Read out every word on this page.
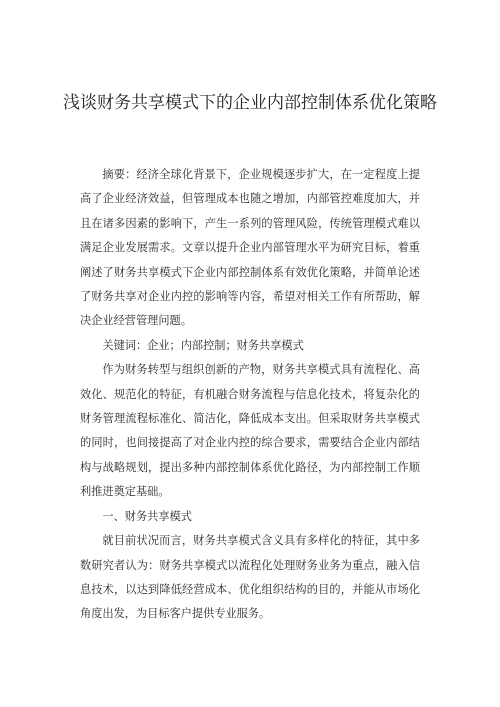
浅谈财务共享模式下的企业内部控制体系优化策略

摘要：经济全球化背景下，企业规模逐步扩大，在一定程度上提高了企业经济效益，但管理成本也随之增加，内部管控难度加大，并且在诸多因素的影响下，产生一系列的管理风险，传统管理模式难以满足企业发展需求。文章以提升企业内部管理水平为研究目标，着重阐述了财务共享模式下企业内部控制体系有效优化策略，并简单论述了财务共享对企业内控的影响等内容，希望对相关工作有所帮助，解决企业经营管理问题。

关键词：企业；内部控制；财务共享模式

作为财务转型与组织创新的产物，财务共享模式具有流程化、高效化、规范化的特征，有机融合财务流程与信息化技术，将复杂化的财务管理流程标准化、简洁化，降低成本支出。但采取财务共享模式的同时，也间接提高了对企业内控的综合要求，需要结合企业内部结构与战略规划，提出多种内部控制体系优化路径，为内部控制工作顺利推进奠定基础。

一、财务共享模式

就目前状况而言，财务共享模式含义具有多样化的特征，其中多数研究者认为：财务共享模式以流程化处理财务业务为重点，融入信息技术，以达到降低经营成本、优化组织结构的目的，并能从市场化角度出发，为目标客户提供专业服务。
